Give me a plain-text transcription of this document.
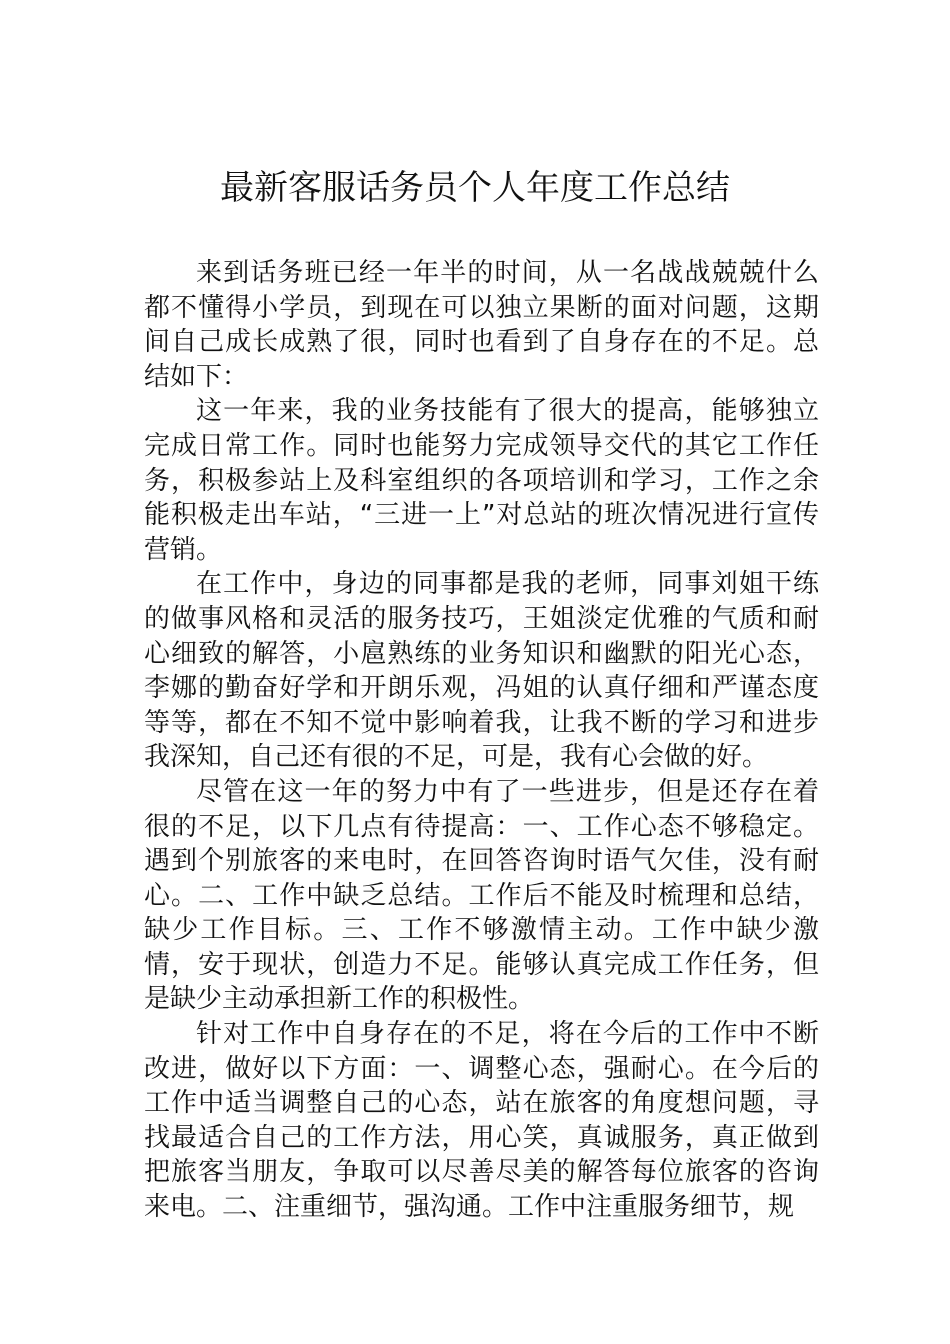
最新客服话务员个人年度工作总结

来到话务班已经一年半的时间，从一名战战兢兢什么都不懂得小学员，到现在可以独立果断的面对问题，这期间自己成长成熟了很，同时也看到了自身存在的不足。总结如下：

这一年来，我的业务技能有了很大的提高，能够独立完成日常工作。同时也能努力完成领导交代的其它工作任务，积极参站上及科室组织的各项培训和学习，工作之余能积极走出车站，“三进一上”对总站的班次情况进行宣传营销。

在工作中，身边的同事都是我的老师，同事刘姐干练的做事风格和灵活的服务技巧，王姐淡定优雅的气质和耐心细致的解答，小扈熟练的业务知识和幽默的阳光心态，李娜的勤奋好学和开朗乐观，冯姐的认真仔细和严谨态度等等，都在不知不觉中影响着我，让我不断的学习和进步我深知，自己还有很的不足，可是，我有心会做的好。

尽管在这一年的努力中有了一些进步，但是还存在着很的不足，以下几点有待提高：一、工作心态不够稳定。遇到个别旅客的来电时，在回答咨询时语气欠佳，没有耐心。二、工作中缺乏总结。工作后不能及时梳理和总结，缺少工作目标。三、工作不够激情主动。工作中缺少激情，安于现状，创造力不足。能够认真完成工作任务，但是缺少主动承担新工作的积极性。

针对工作中自身存在的不足，将在今后的工作中不断改进，做好以下方面：一、调整心态，强耐心。在今后的工作中适当调整自己的心态，站在旅客的角度想问题，寻找最适合自己的工作方法，用心笑，真诚服务，真正做到把旅客当朋友，争取可以尽善尽美的解答每位旅客的咨询来电。二、注重细节，强沟通。工作中注重服务细节，规
